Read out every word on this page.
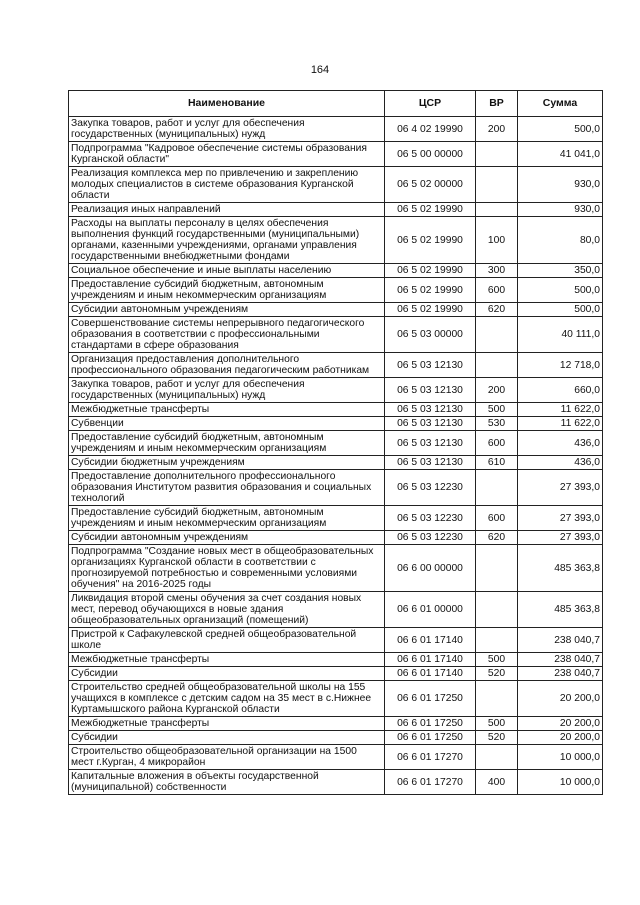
164
Наименование	ЦСР	ВР	Сумма
Закупка товаров, работ и услуг для обеспечения государственных (муниципальных) нужд	06 4 02 19990	200	500,0
Подпрограмма "Кадровое обеспечение системы образования Курганской области"	06 5 00 00000		41 041,0
Реализация комплекса мер по привлечению и закреплению молодых специалистов в системе образования Курганской области	06 5 02 00000		930,0
Реализация иных направлений	06 5 02 19990		930,0
Расходы на выплаты персоналу в целях обеспечения выполнения функций государственными (муниципальными) органами, казенными учреждениями, органами управления государственными внебюджетными фондами	06 5 02 19990	100	80,0
Социальное обеспечение и иные выплаты населению	06 5 02 19990	300	350,0
Предоставление субсидий бюджетным, автономным учреждениям и иным некоммерческим организациям	06 5 02 19990	600	500,0
Субсидии автономным учреждениям	06 5 02 19990	620	500,0
Совершенствование системы непрерывного педагогического образования в соответствии с профессиональными стандартами в сфере образования	06 5 03 00000		40 111,0
Организация предоставления дополнительного профессионального образования педагогическим работникам	06 5 03 12130		12 718,0
Закупка товаров, работ и услуг для обеспечения государственных (муниципальных) нужд	06 5 03 12130	200	660,0
Межбюджетные трансферты	06 5 03 12130	500	11 622,0
Субвенции	06 5 03 12130	530	11 622,0
Предоставление субсидий бюджетным, автономным учреждениям и иным некоммерческим организациям	06 5 03 12130	600	436,0
Субсидии бюджетным учреждениям	06 5 03 12130	610	436,0
Предоставление дополнительного профессионального образования Институтом развития образования и социальных технологий	06 5 03 12230		27 393,0
Предоставление субсидий бюджетным, автономным учреждениям и иным некоммерческим организациям	06 5 03 12230	600	27 393,0
Субсидии автономным учреждениям	06 5 03 12230	620	27 393,0
Подпрограмма "Создание новых мест в общеобразовательных организациях Курганской области в соответствии с прогнозируемой потребностью и современными условиями обучения" на 2016-2025 годы	06 6 00 00000		485 363,8
Ликвидация второй смены обучения за счет создания новых мест, перевод обучающихся в новые здания общеобразовательных организаций (помещений)	06 6 01 00000		485 363,8
Пристрой к Сафакулевской средней общеобразовательной школе	06 6 01 17140		238 040,7
Межбюджетные трансферты	06 6 01 17140	500	238 040,7
Субсидии	06 6 01 17140	520	238 040,7
Строительство средней общеобразовательной школы на 155 учащихся в комплексе с детским садом на 35 мест в с.Нижнее Куртамышского района Курганской области	06 6 01 17250		20 200,0
Межбюджетные трансферты	06 6 01 17250	500	20 200,0
Субсидии	06 6 01 17250	520	20 200,0
Строительство общеобразовательной организации на 1500 мест г.Курган, 4 микрорайон	06 6 01 17270		10 000,0
Капитальные вложения в объекты государственной (муниципальной) собственности	06 6 01 17270	400	10 000,0
